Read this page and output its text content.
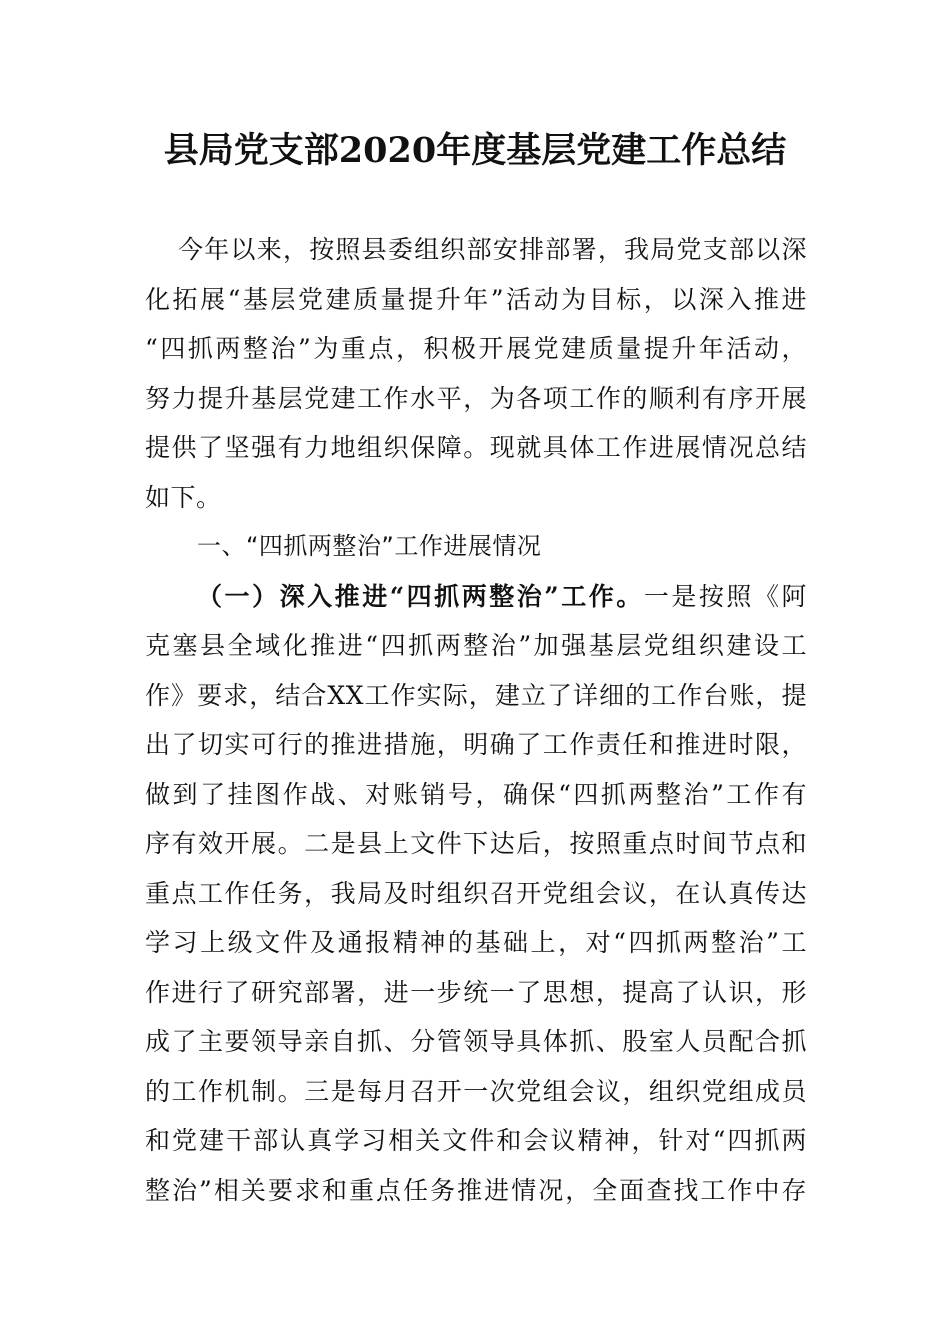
县局党支部2020年度基层党建工作总结
今年以来，按照县委组织部安排部署，我局党支部以深
化拓展“基层党建质量提升年”活动为目标，以深入推进
“四抓两整治”为重点，积极开展党建质量提升年活动，
努力提升基层党建工作水平，为各项工作的顺利有序开展
提供了坚强有力地组织保障。现就具体工作进展情况总结
如下。
一、“四抓两整治”工作进展情况
（一）深入推进“四抓两整治”工作。一是按照《阿
克塞县全域化推进“四抓两整治”加强基层党组织建设工
作》要求，结合XX工作实际，建立了详细的工作台账，提
出了切实可行的推进措施，明确了工作责任和推进时限，
做到了挂图作战、对账销号，确保“四抓两整治”工作有
序有效开展。二是县上文件下达后，按照重点时间节点和
重点工作任务，我局及时组织召开党组会议，在认真传达
学习上级文件及通报精神的基础上，对“四抓两整治”工
作进行了研究部署，进一步统一了思想，提高了认识，形
成了主要领导亲自抓、分管领导具体抓、股室人员配合抓
的工作机制。三是每月召开一次党组会议，组织党组成员
和党建干部认真学习相关文件和会议精神，针对“四抓两
整治”相关要求和重点任务推进情况，全面查找工作中存
